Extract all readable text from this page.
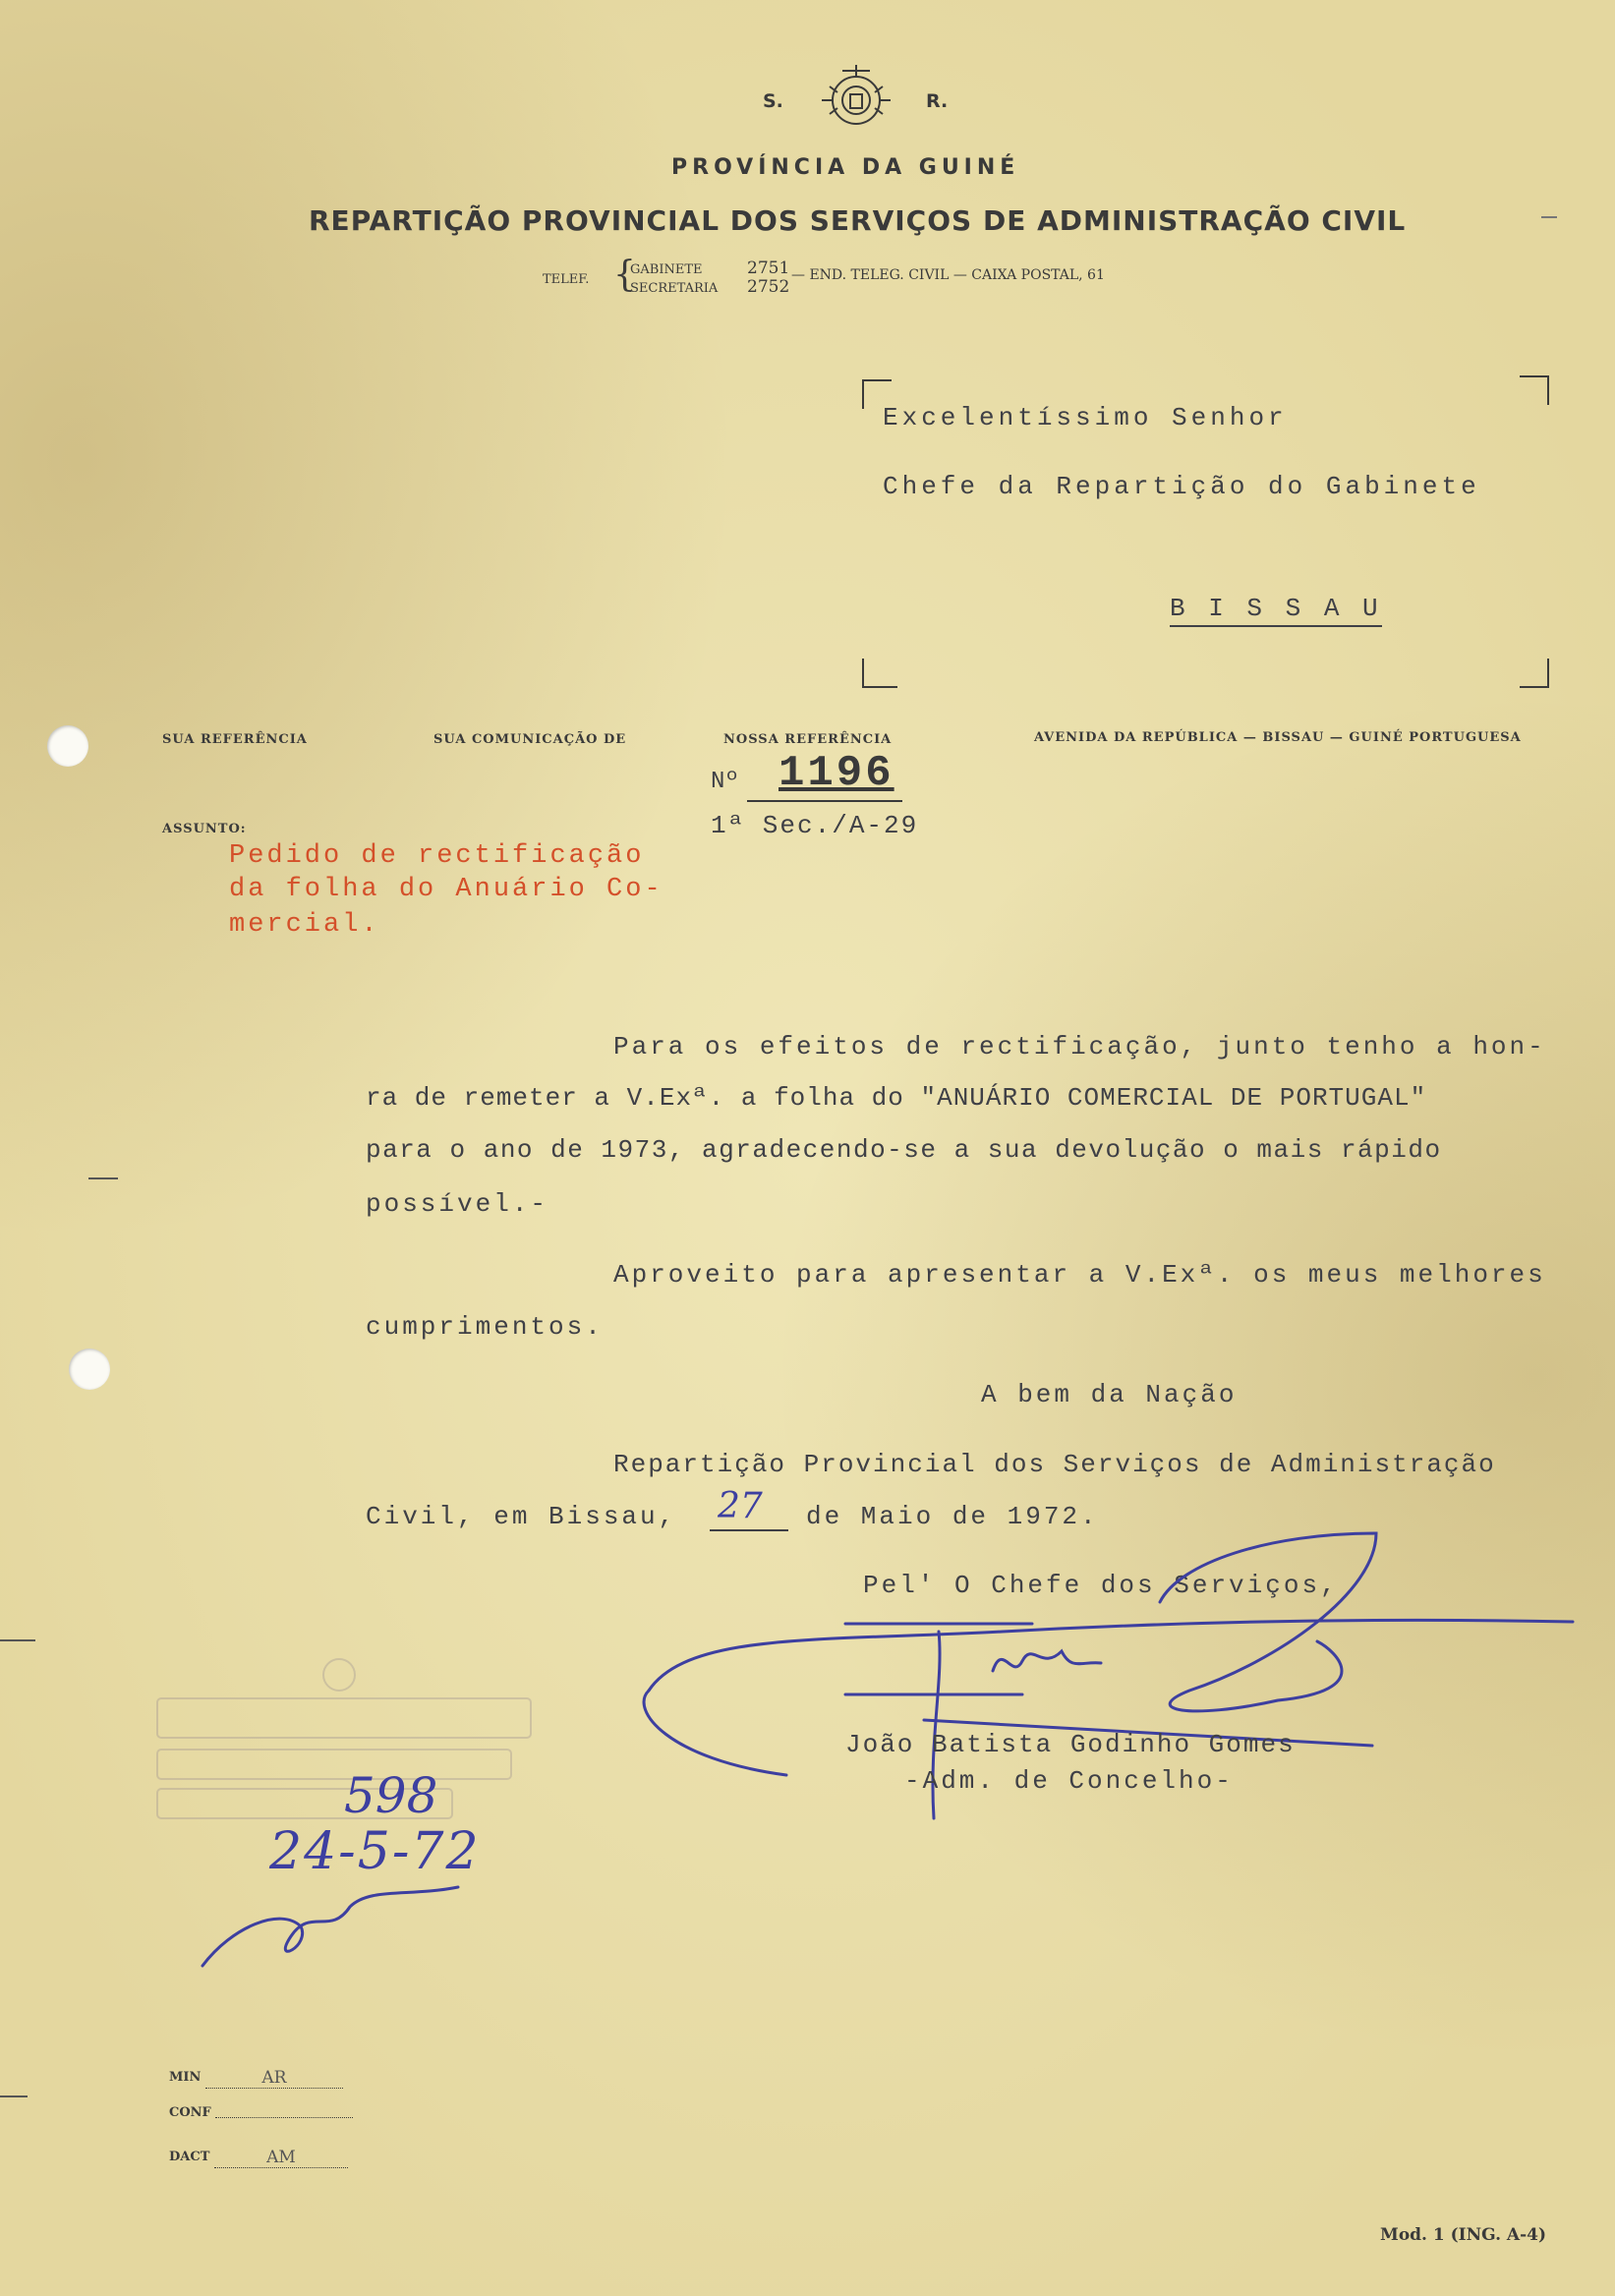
S.	R.
PROVÍNCIA DA GUINÉ
REPARTIÇÃO PROVINCIAL DOS SERVIÇOS DE ADMINISTRAÇÃO CIVIL
TELEF. {
GABINETE	2751
SECRETARIA 2752
— END. TELEG. CIVIL — CAIXA POSTAL, 61
Excelentíssimo Senhor
Chefe da Repartição do Gabinete
B I S S A U
SUA REFERÊNCIA	SUA COMUNICAÇÃO DE	NOSSA REFERÊNCIA	AVENIDA DA REPÚBLICA — BISSAU — GUINÉ PORTUGUESA
Nº 1196
1ª Sec./A-29
ASSUNTO:
Pedido de rectificação
da folha do Anuário Co-
mercial.
Para os efeitos de rectificação, junto tenho a hon-
ra de remeter a V.Exª. a folha do "ANUÁRIO COMERCIAL DE PORTUGAL"
para o ano de 1973, agradecendo-se a sua devolução o mais rápido
possível.-
Aproveito para apresentar a V.Exª. os meus melhores
cumprimentos.
A bem da Nação
Repartição Provincial dos Serviços de Administração
Civil, em Bissau, 27 de Maio de 1972.
Pel' O Chefe dos Serviços,
João Batista Godinho Gomes
-Adm. de Concelho-
598
24-5-72
MIN	AR
CONF
DACT	AM
Mod. 1 (ING. A-4)
